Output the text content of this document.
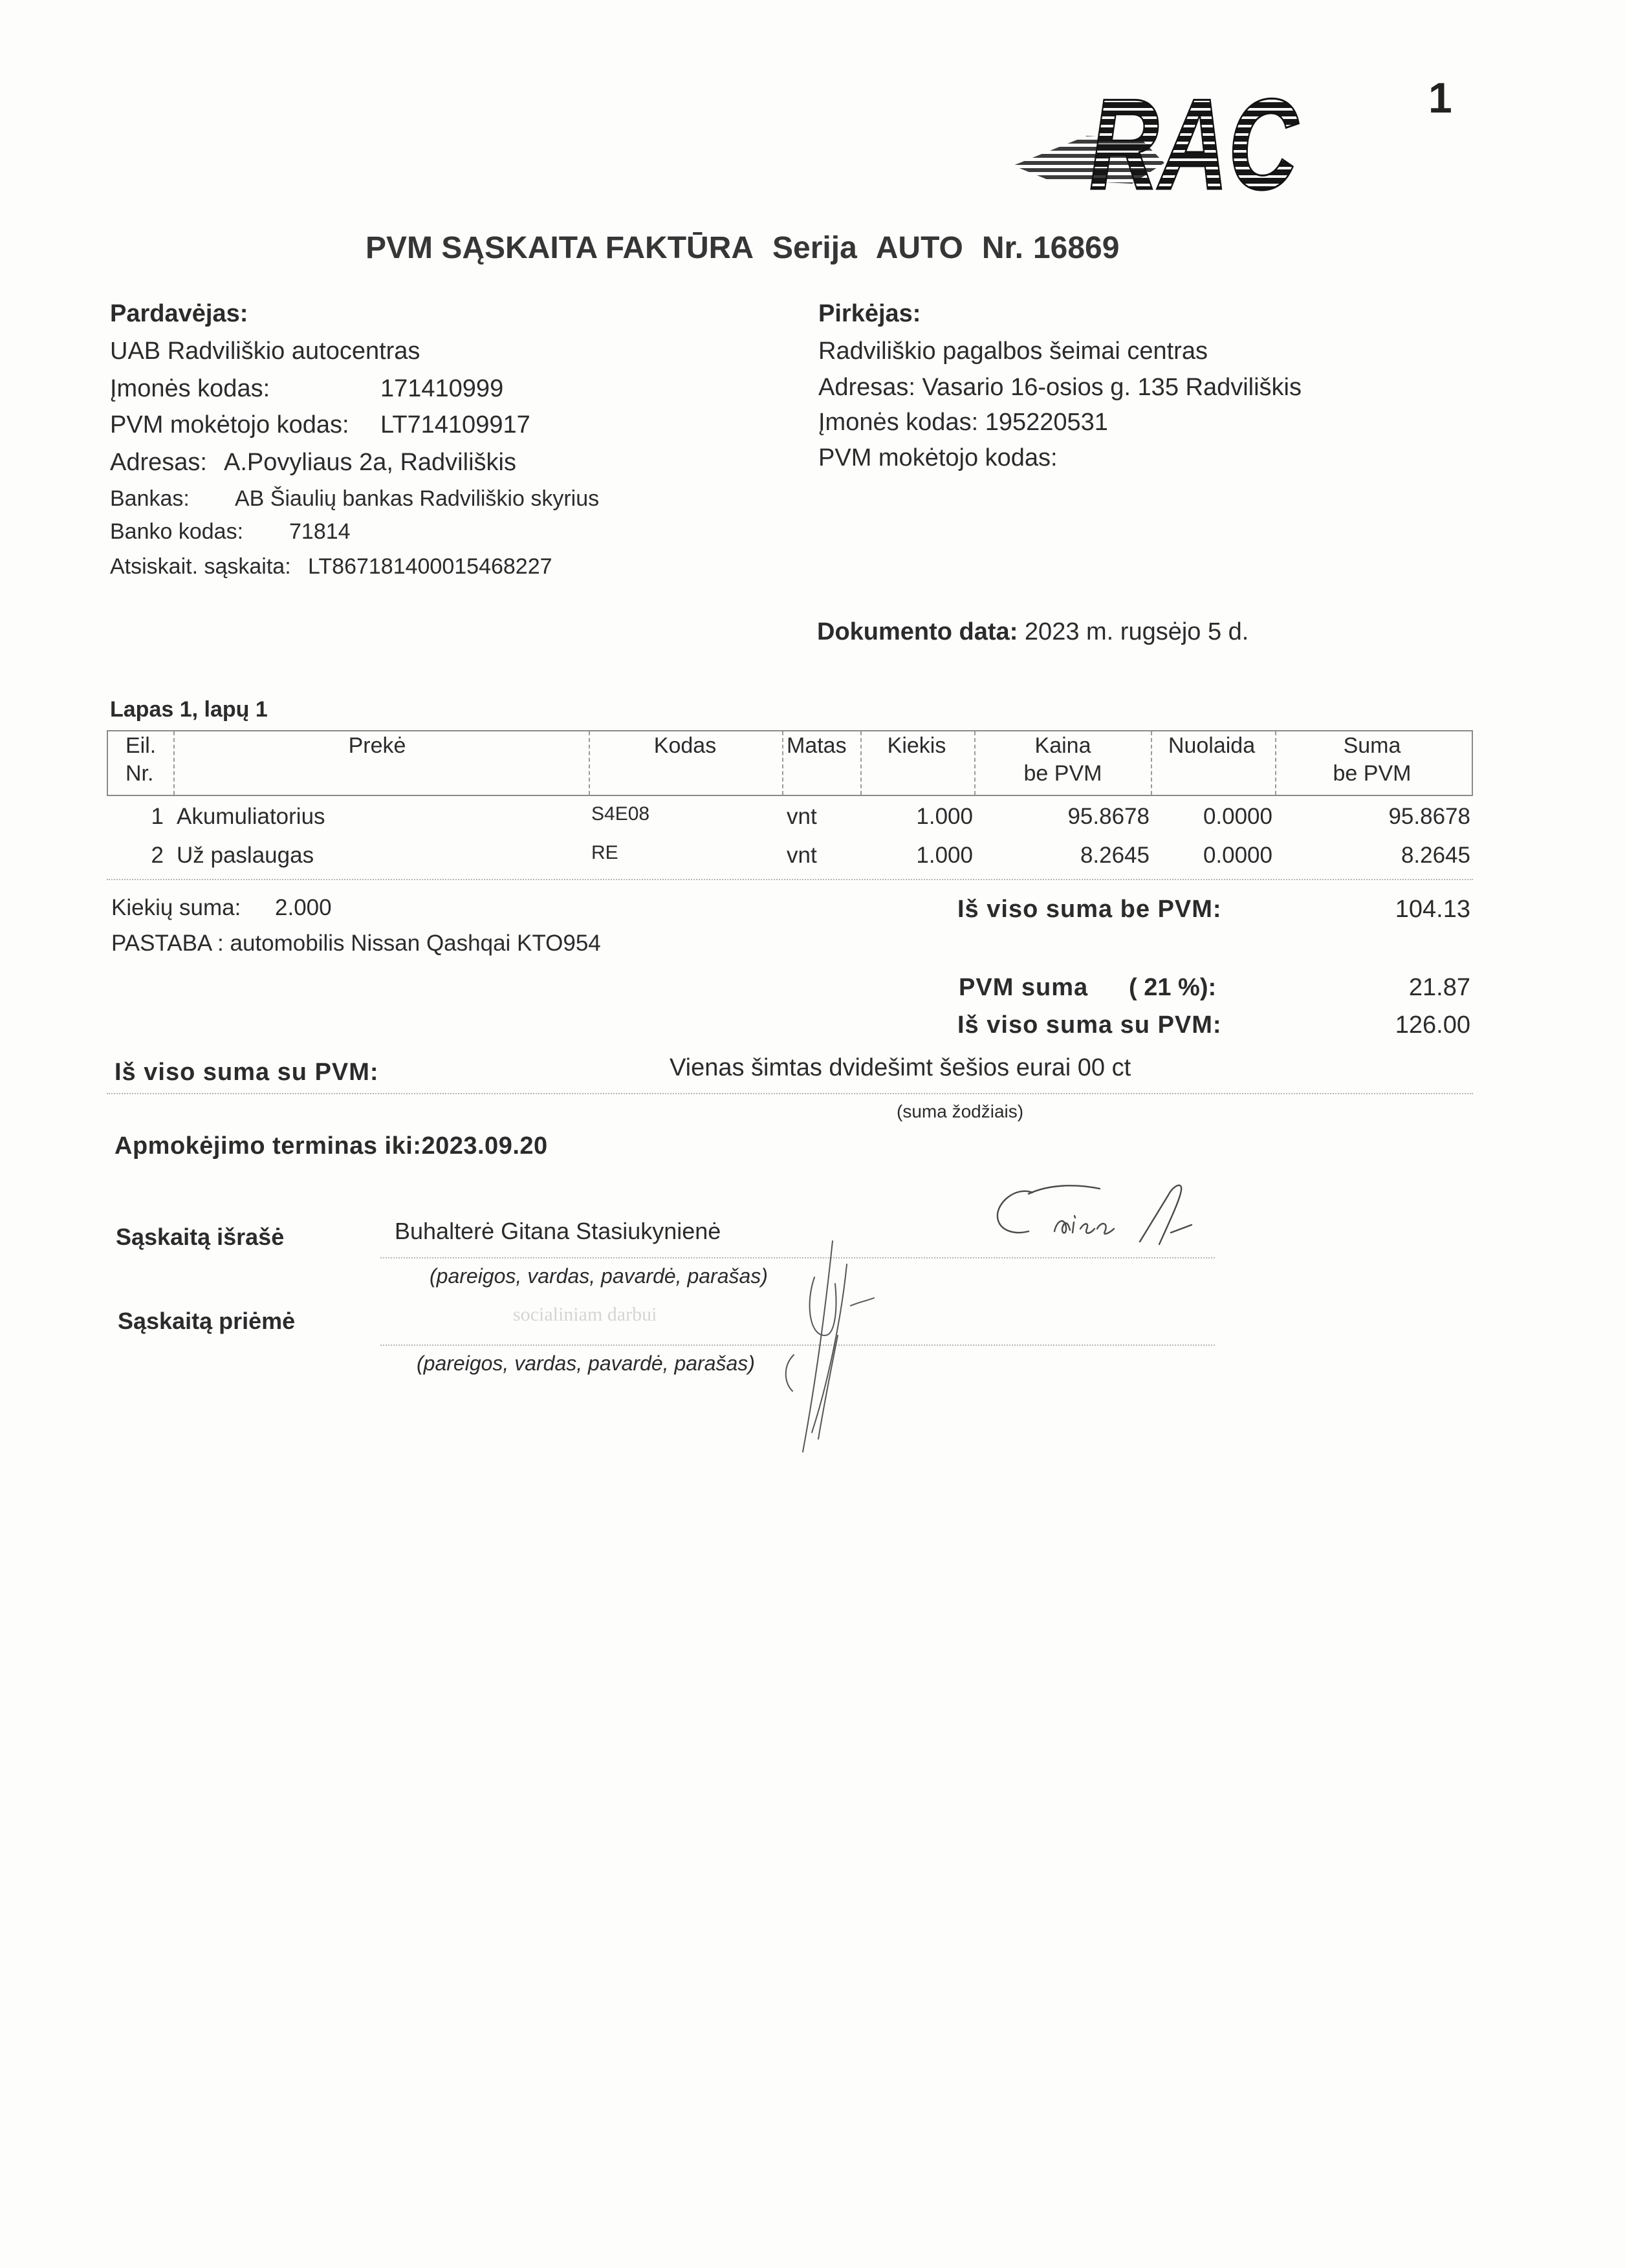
RAC	1
PVM SĄSKAITA FAKTŪRA Serija AUTO Nr. 16869
Pardavėjas:
UAB Radviliškio autocentras
Įmonės kodas:	171410999
PVM mokėtojo kodas: LT714109917
Adresas: A.Povyliaus 2a, Radviliškis
Bankas: AB Šiaulių bankas Radviliškio skyrius
Banko kodas: 71814
Atsiskait. sąskaita: LT867181400015468227
Pirkėjas:
Radviliškio pagalbos šeimai centras
Adresas: Vasario 16-osios g. 135 Radviliškis
Įmonės kodas: 195220531
PVM mokėtojo kodas:
Dokumento data: 2023 m. rugsėjo 5 d.
Lapas 1, lapų 1
Eil.
Nr.
Prekė	Kodas	Matas	Kiekis	Kaina
be PVM
Nuolaida	Suma
be PVM
1 Akumuliatorius	S4E08	vnt	1.000	95.8678 0.0000	95.8678
2 Už paslaugas	RE	vnt	1.000	8.2645 0.0000	8.2645
Kiekių suma: 2.000
PASTABA : automobilis Nissan Qashqai KTO954
Iš viso suma be PVM:	104.13
PVM suma ( 21 %):	21.87
Iš viso suma su PVM:	126.00
Iš viso suma su PVM:	Vienas šimtas dvidešimt šešios eurai 00 ct
(suma žodžiais)
Apmokėjimo terminas iki:2023.09.20
Sąskaitą išrašė	Buhalterė Gitana Stasiukynienė
(pareigos, vardas, pavardė, parašas)
Sąskaitą priėmė	socialiniam darbui
(pareigos, vardas, pavardė, parašas)
